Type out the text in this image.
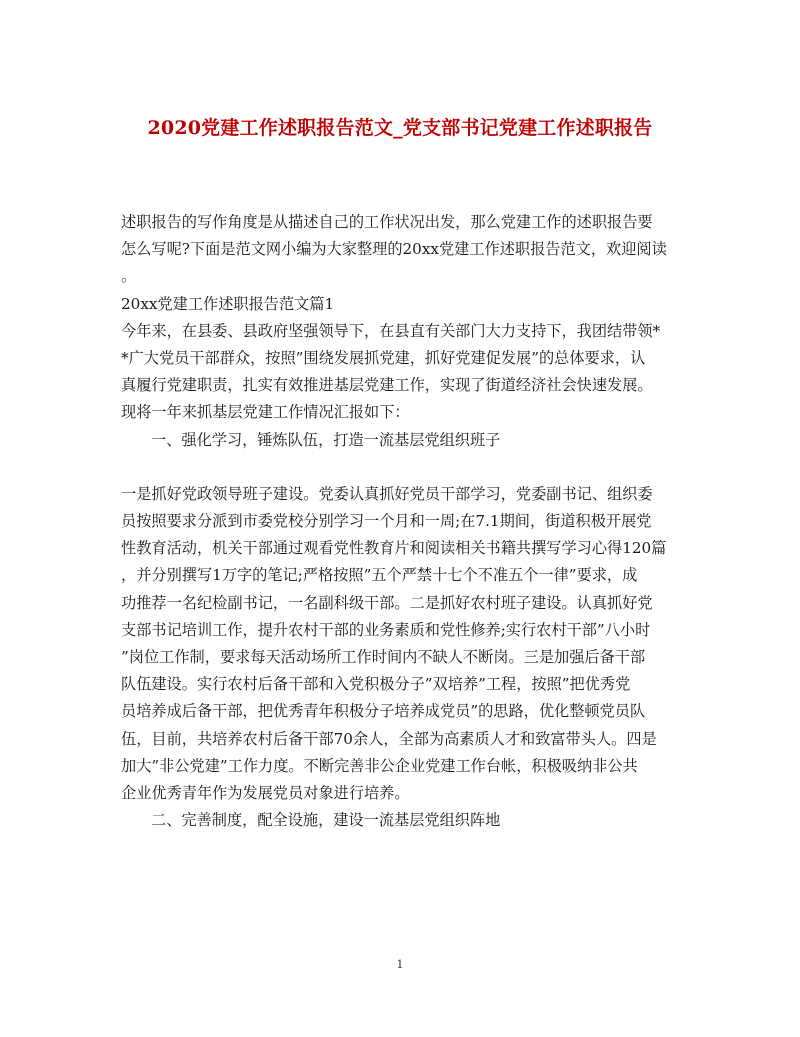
2020党建工作述职报告范文_党支部书记党建工作述职报告

述职报告的写作角度是从描述自己的工作状况出发，那么党建工作的述职报告要
怎么写呢?下面是范文网小编为大家整理的20xx党建工作述职报告范文，欢迎阅读
。

20xx党建工作述职报告范文篇1

今年来，在县委、县政府坚强领导下，在县直有关部门大力支持下，我团结带领*
*广大党员干部群众，按照”围绕发展抓党建，抓好党建促发展”的总体要求，认
真履行党建职责，扎实有效推进基层党建工作，实现了街道经济社会快速发展。
现将一年来抓基层党建工作情况汇报如下：

一、强化学习，锤炼队伍，打造一流基层党组织班子

一是抓好党政领导班子建设。党委认真抓好党员干部学习，党委副书记、组织委
员按照要求分派到市委党校分别学习一个月和一周;在7.1期间，街道积极开展党
性教育活动，机关干部通过观看党性教育片和阅读相关书籍共撰写学习心得120篇
，并分别撰写1万字的笔记;严格按照”五个严禁十七个不准五个一律”要求，成
功推荐一名纪检副书记，一名副科级干部。二是抓好农村班子建设。认真抓好党
支部书记培训工作，提升农村干部的业务素质和党性修养;实行农村干部”八小时
”岗位工作制，要求每天活动场所工作时间内不缺人不断岗。三是加强后备干部
队伍建设。实行农村后备干部和入党积极分子”双培养”工程，按照”把优秀党
员培养成后备干部，把优秀青年积极分子培养成党员”的思路，优化整顿党员队
伍，目前，共培养农村后备干部70余人，全部为高素质人才和致富带头人。四是
加大”非公党建”工作力度。不断完善非公企业党建工作台帐，积极吸纳非公共
企业优秀青年作为发展党员对象进行培养。

二、完善制度，配全设施，建设一流基层党组织阵地

1
